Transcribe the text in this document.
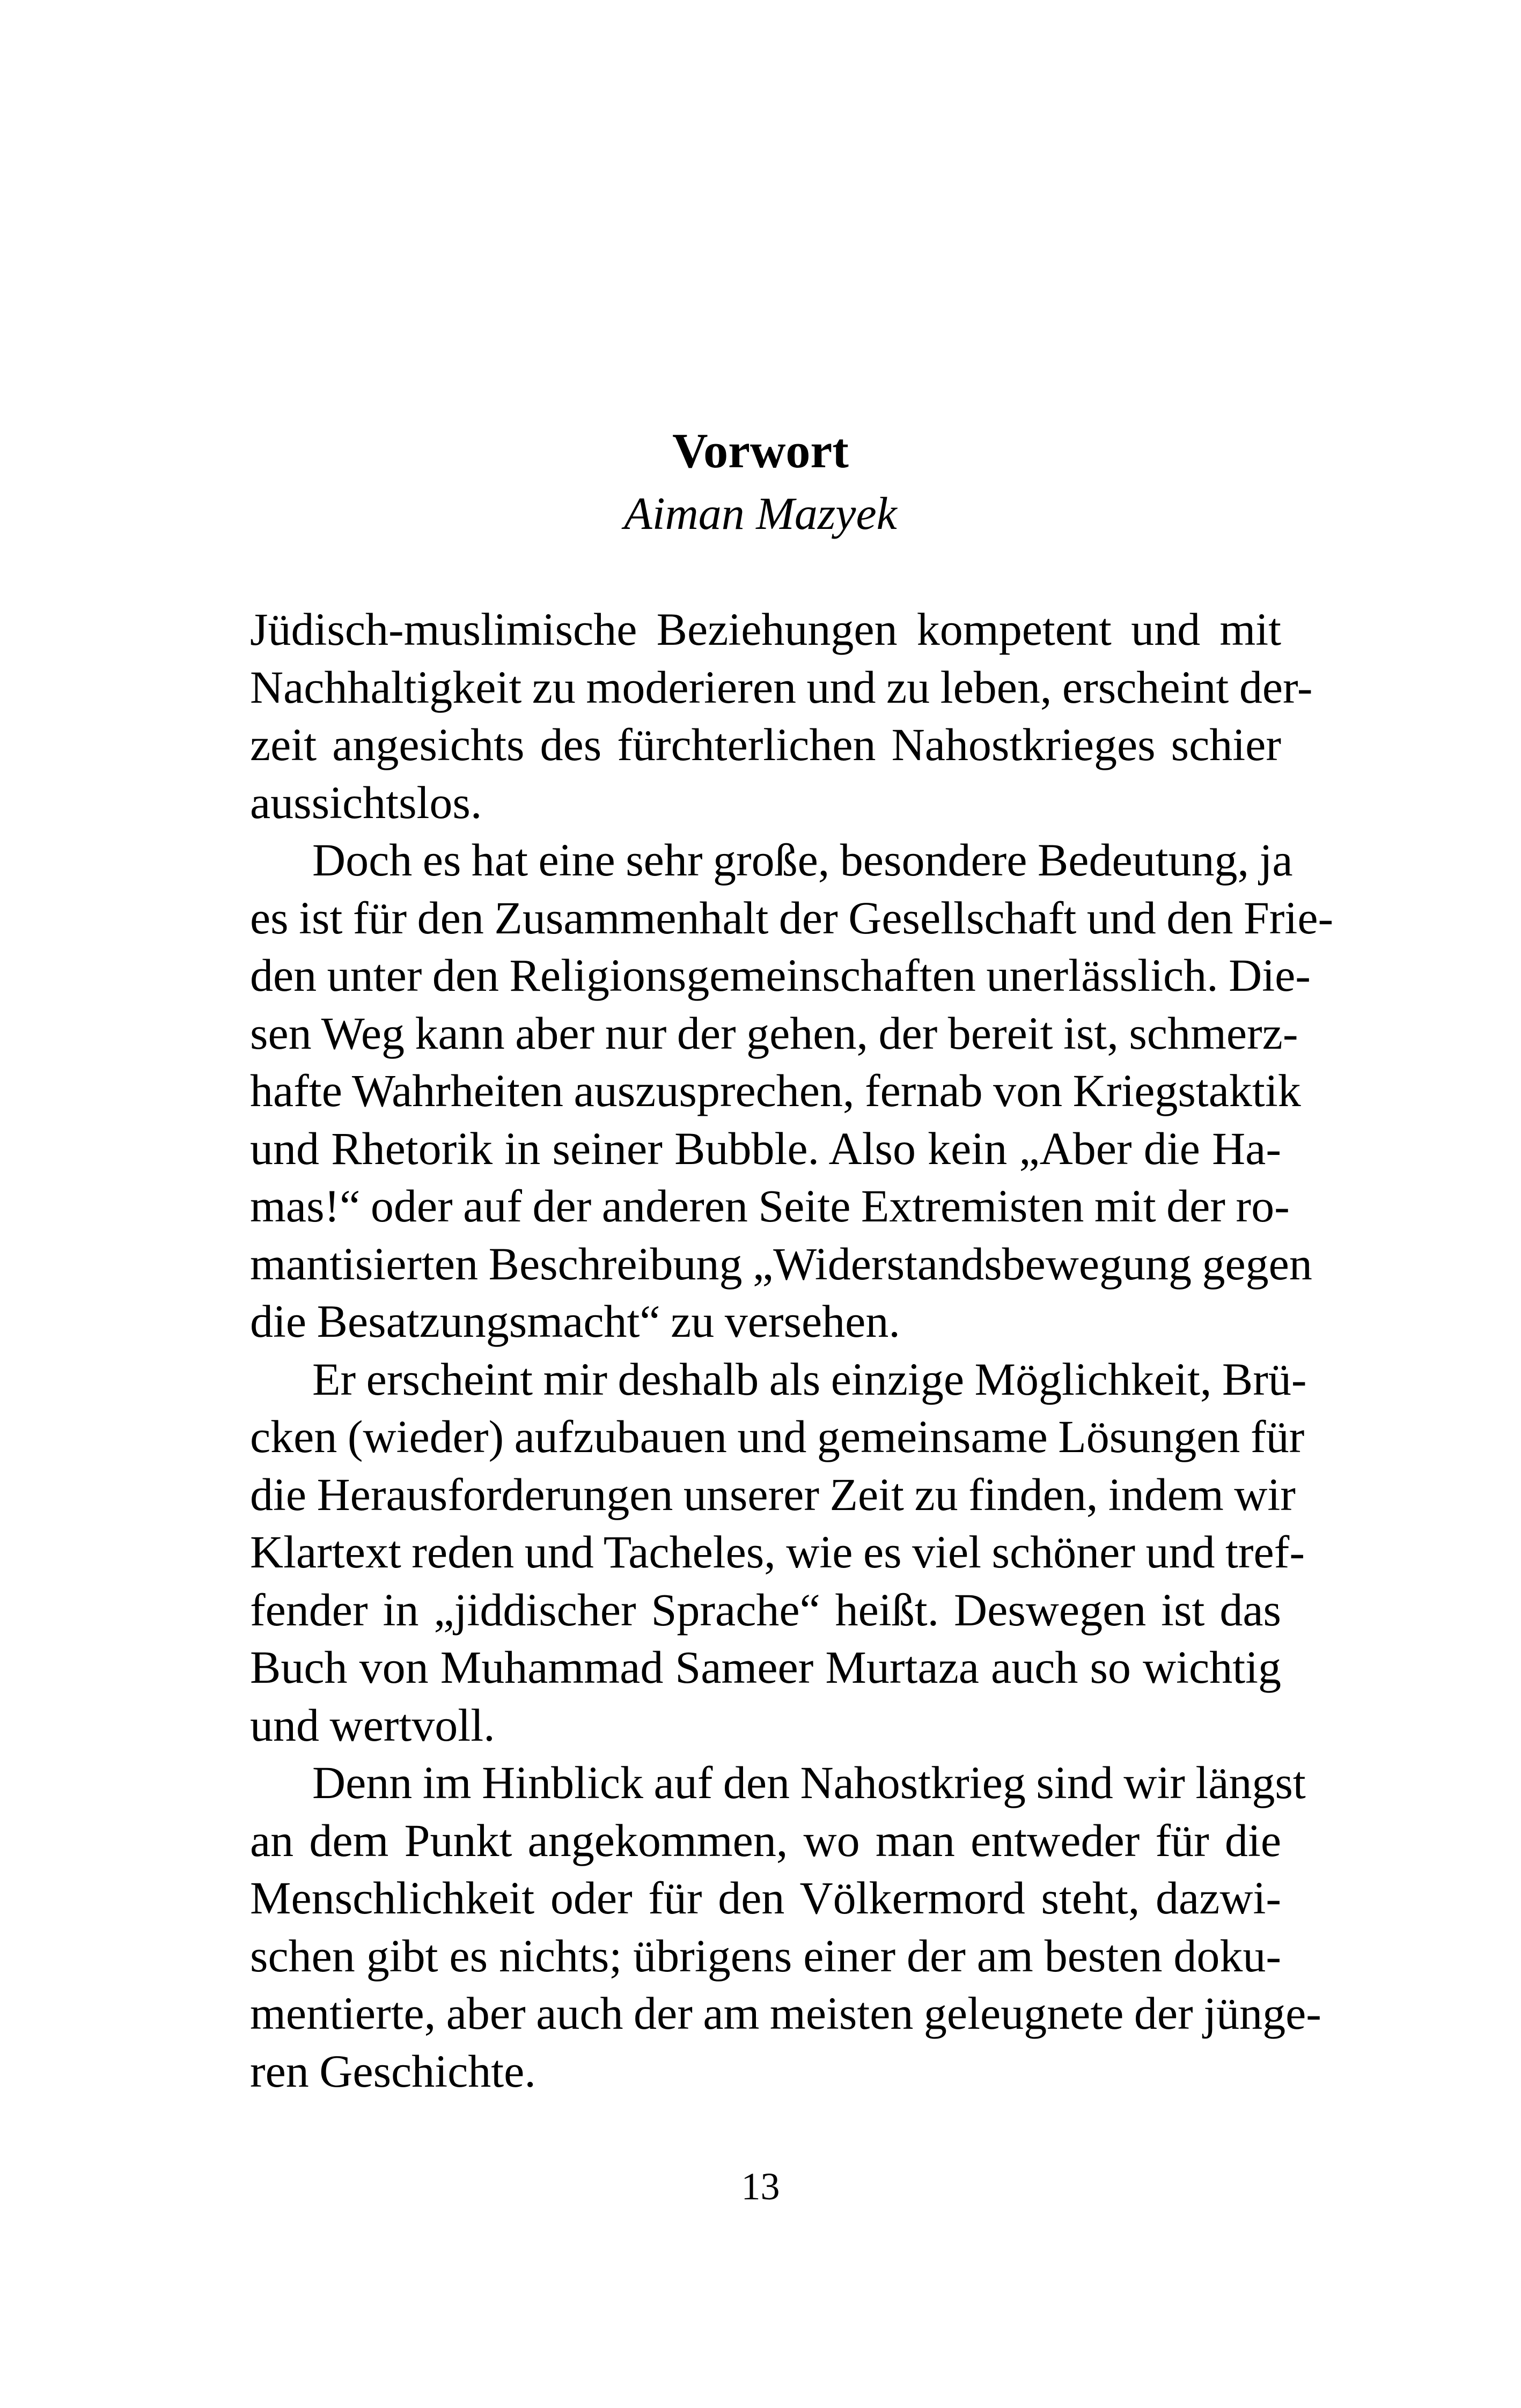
Vorwort
Aiman Mazyek

Jüdisch-muslimische Beziehungen kompetent und mit
Nachhaltigkeit zu moderieren und zu leben, erscheint der-
zeit angesichts des fürchterlichen Nahostkrieges schier
aussichtslos.

Doch es hat eine sehr große, besondere Bedeutung, ja
es ist für den Zusammenhalt der Gesellschaft und den Frie-
den unter den Religionsgemeinschaften unerlässlich. Die-
sen Weg kann aber nur der gehen, der bereit ist, schmerz-
hafte Wahrheiten auszusprechen, fernab von Kriegstaktik
und Rhetorik in seiner Bubble. Also kein „Aber die Ha-
mas!“ oder auf der anderen Seite Extremisten mit der ro-
mantisierten Beschreibung „Widerstandsbewegung gegen
die Besatzungsmacht“ zu versehen.

Er erscheint mir deshalb als einzige Möglichkeit, Brü-
cken (wieder) aufzubauen und gemeinsame Lösungen für
die Herausforderungen unserer Zeit zu finden, indem wir
Klartext reden und Tacheles, wie es viel schöner und tref-
fender in „jiddischer Sprache“ heißt. Deswegen ist das
Buch von Muhammad Sameer Murtaza auch so wichtig
und wertvoll.

Denn im Hinblick auf den Nahostkrieg sind wir längst
an dem Punkt angekommen, wo man entweder für die
Menschlichkeit oder für den Völkermord steht, dazwi-
schen gibt es nichts; übrigens einer der am besten doku-
mentierte, aber auch der am meisten geleugnete der jünge-
ren Geschichte.

13
